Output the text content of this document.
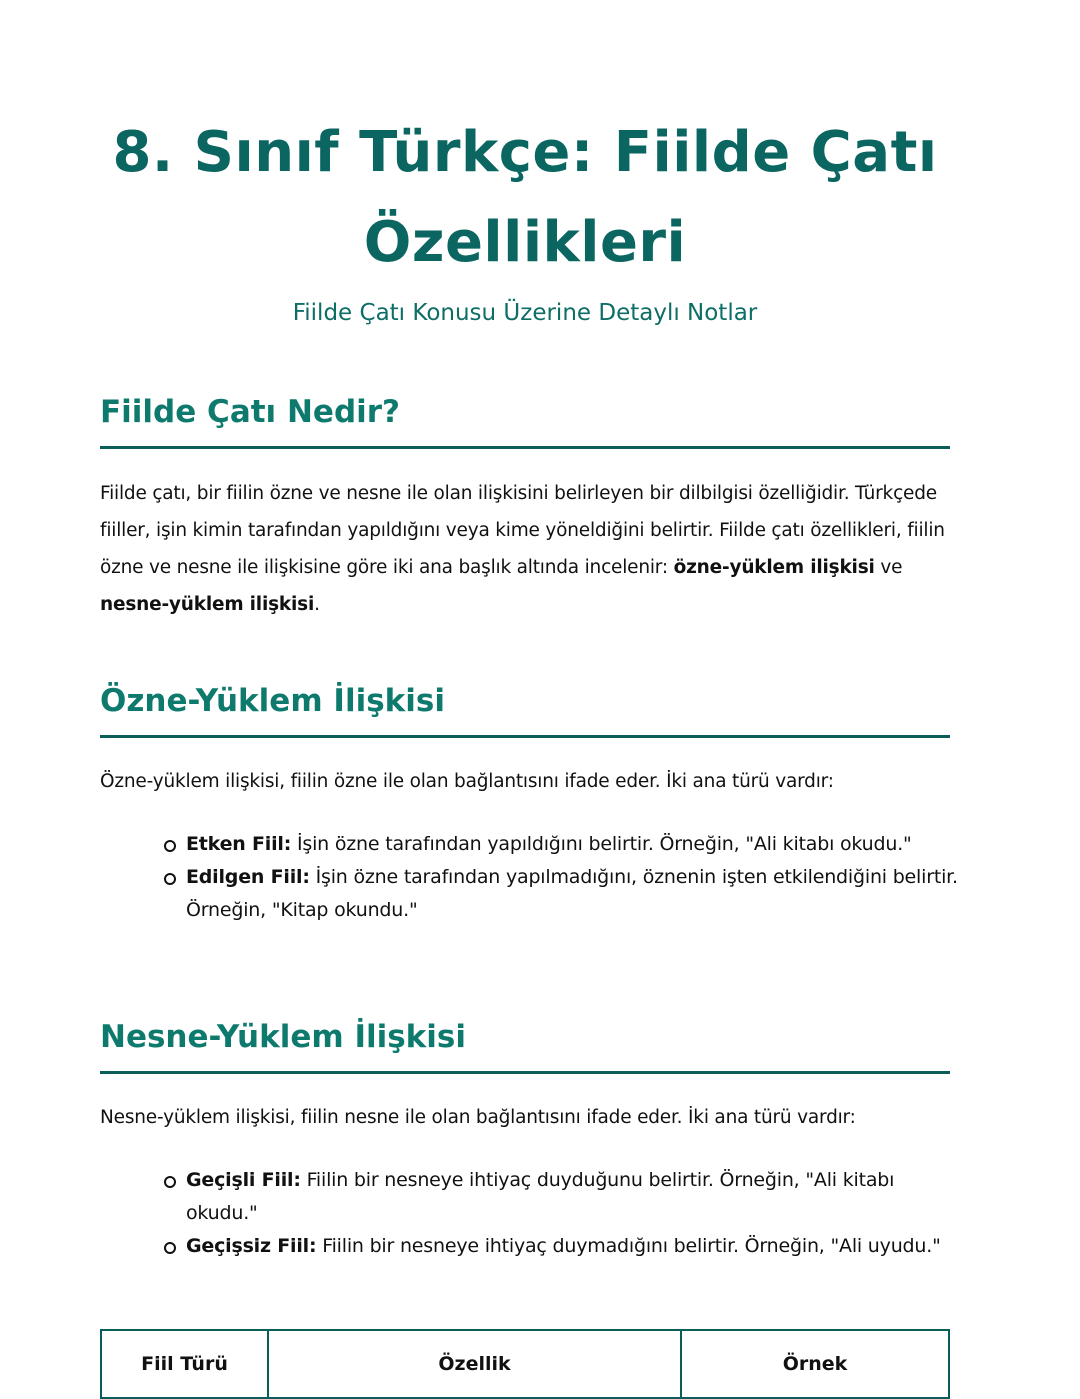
8. Sınıf Türkçe: Fiilde Çatı Özellikleri
Fiilde Çatı Konusu Üzerine Detaylı Notlar
Fiilde Çatı Nedir?

Fiilde çatı, bir fiilin özne ve nesne ile olan ilişkisini belirleyen bir dilbilgisi özelliğidir. Türkçede fiiller, işin kimin tarafından yapıldığını veya kime yöneldiğini belirtir. Fiilde çatı özellikleri, fiilin özne ve nesne ile ilişkisine göre iki ana başlık altında incelenir: özne-yüklem ilişkisi ve nesne-yüklem ilişkisi.

Özne-Yüklem İlişkisi

Özne-yüklem ilişkisi, fiilin özne ile olan bağlantısını ifade eder. İki ana türü vardır:

Etken Fiil: İşin özne tarafından yapıldığını belirtir. Örneğin, "Ali kitabı okudu."
Edilgen Fiil: İşin özne tarafından yapılmadığını, öznenin işten etkilendiğini belirtir. Örneğin, "Kitap okundu."
Nesne-Yüklem İlişkisi

Nesne-yüklem ilişkisi, fiilin nesne ile olan bağlantısını ifade eder. İki ana türü vardır:

Geçişli Fiil: Fiilin bir nesneye ihtiyaç duyduğunu belirtir. Örneğin, "Ali kitabı okudu."
Geçişsiz Fiil: Fiilin bir nesneye ihtiyaç duymadığını belirtir. Örneğin, "Ali uyudu."
Fiil Türü	Özellik	Örnek
